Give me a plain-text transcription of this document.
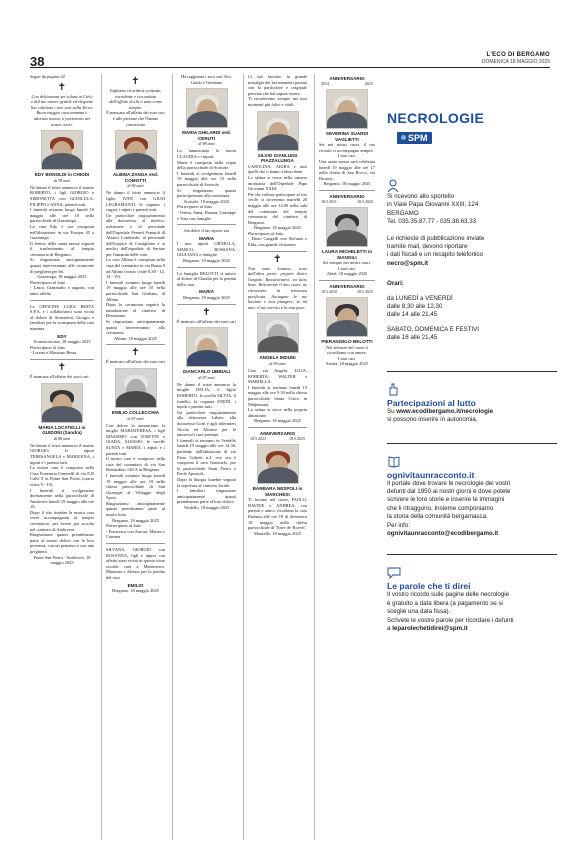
38	L'ECO DI BERGAMO
DOMENICA 18 MAGGIO 2025
Segue da pagina 24
✝
Con delicatezza sei volata in Cielo e dal tuo amore gentile ed elegante hai coltivato i tuoi cari sulla Terra. Buon viaggio cara mamma e adorata nonna, ti porteremo nei nostri cuori.
EDY BONOLDI in CHIODI
di 78 anni
Ne danno il triste annuncio il marito ROBERTO, i figli GIORGIO e SIMONETTA con GIANLUCA, FILIPPO e ANNA, parenti tutti.
I funerali avranno luogo lunedì 19 maggio alle ore 10 nella parrocchiale di Gazzaniga.
La cara Edy è ora composta nell'abitazione in via Europa 45 a Gazzaniga.
Il feretro delle santa messe seguirà il trasferimento al tempio crematorio di Bergamo.
Si ringraziano anticipatamente quanti interverranno alle cerimonie di preghiera per lei.
Gazzaniga, 18 maggio 2025
Partecipano al lutto
- Laura, Gianmario e ragazzi, con tanto affetto
Le OFFICINE LUIGI BESTA S.P.A. e i collaboratori sono vicini al dolore di Simonetta, Giorgio e familiari per la scomparsa della cara mamma
EDY
Scanzorosciate, 18 maggio 2025
Partecipano al lutto
- Lorena e Massimo Besta
✝
È mancata all'affetto dei suoi cari
MARIA LOCATELLI in GUIDONI (Sandra)
di 88 anni
Ne danno il triste annuncio il marito GIORGIO, le nipoti TERESANGELA e MARILENA, i nipoti e i parenti tutti.
La nostra cara è composta nella Casa Funeraria Cenerelli di via E.B Calvi 8 in Ponte San Pietro (orario visite 9 - 19).
I funerali si svolgeranno direttamente nella parrocchiale di Ambivere lunedì 19 maggio alle ore 10.
Dopo il rito funebre la nostra cara verrà accompagnata al tempio crematorio, per essere poi accolta nel cimitero di Ambivere.
Ringraziamo quanti prenderanno parte al nostro dolore con la loro presenza, con un pensiero e con una preghiera.
Ponte San Pietro - Ambivere, 18 maggio 2025
✝
Vogliamo ricordarti contenta, sorridente e circondata dall'affetto di chi ti ama come sempre.
È mancata all'affetto dei suoi cari e alle persone che l'hanno conosciuta
ALBINA ZANGA ved. COMOTTI
di 84 anni
Ne danno il triste annuncio il figlio IVAN con GIUSI LEGRAMANTI, le cognate, i cugini, i nipoti e parenti tutti.
Un particolare ringraziamento alla dottoressa, al medico, infermieri e al personale dell'Ospedale Pesenti Fenaroli di Alzano Lombardo, al personale dell'hospice di Castiglione e ai medici dell'ospedale di Seriate per l'umanità delle cure.
La cara Albina è composta nella casa del commiato in via Roma 9 ad Albino (orario visite 8,30 - 12, 14 - 19).
I funerali avranno luogo lunedì 19 maggio alle ore 10 nella parrocchiale San Giuliano di Albino.
Dopo la cerimonia seguirà la tumulazione al cimitero di Desenzano.
Si ringraziano anticipatamente quanti interverranno alla cerimonia.
Albino, 18 maggio 2025
✝
È mancato all'affetto dei suoi cari
EMILIO COLLECCHIA
di 83 anni
Con dolore lo annunciano la moglie MARIATERESA, i figli MASSIMO con JOSETTE e GIADA, ALESSIO, le sorelle SUNTA e MARIA, i nipoti e i parenti tutti.
Il nostro caro è composto nella casa del commiato di via San Bernardino 130/A in Bergamo.
I funerali avranno luogo lunedì 19 maggio alle ore 10 nella chiesa parrocchiale di San Giuseppe al Villaggio degli Sposi.
Ringraziamo anticipatamente quanti prenderanno parte al nostro lutto.
Bergamo, 18 maggio 2025
Partecipano al lutto
- Francesca con Aurora, Matteo e Carmen
SILVANA, GIORGIO con ROSANNA, figli e nipoti con affetto sono vicini in questo triste ricordo cara a Martinenco, Massimo e Alessio per la perdita del caro
EMILIO
Bergamo, 18 maggio 2025
Ha raggiunto i suoi cari Tito, Guido e Germano
MARIA GHILARDI ved. CERUTI
di 98 anni
Lo annunciano la nuora CLAUDIA e i nipoti.
Maria è composta nella cripta della parrocchiale di Sorisole.
I funerali si svolgeranno lunedì 19 maggio alle ore 15 nella parrocchiale di Sorisole.
Si ringraziano quanti parteciperanno alla cerimonia.
Sorisole, 18 maggio 2025
Partecipano al lutto
- Teresa, Anna, Donata, Giuseppe e Tina con famiglie
Sia dolce il tuo riposo zia
MARIA
I tuoi nipoti ORNELLA, MARCO, ROSSANA, GIULIANA e famiglie.
Bergamo, 18 maggio 2025
La famiglia BELOTTI si unisce al dolore di Claudia per la perdita della cara
MARIA
Bergamo, 18 maggio 2025
✝
È mancato all'affetto dei suoi cari
GIANCARLO UBBIALI
di 87 anni
Ne danno il triste annuncio la moglie DELIA, il figlio ROBERTO, la sorella SILVIA, il fratello, la cognata ENEDI, i nipoti e parenti tutti.
Un particolare ringraziamento alla dottoressa Labate, alla dottoressa Gotti e agli infermieri Nicola ed Alfonso per le amorevoli cure prestate.
I funerali si terranno in Verdello lunedì 19 maggio alle ore 14.30, partendo dall'abitazione di via Piero Gobetti n.2, ove ora è composto il caro Giancarlo, per la parrocchiale Santi Pietro e Paolo Apostoli.
Dopo la liturgia funebre seguirà la sepoltura al cimitero locale.
I familiari ringraziano anticipatamente quanti prenderanno parte al loro dolore.
Verdello, 18 maggio 2025
Ci hai lasciato la grande nostalgia dei bei momenti passati con la particolare e originale persona che hai saputo essere.
Ti ricorderemo sempre nei tuoi momenti più felici e vitali.
SILVIO GIANLUIGI PIAZZALUNGA
CAROLINA, AKIRA e tutti quelli che ti hanno voluto bene.
La salma si trova nella camera mortuaria dell'Ospedale Papa Giovanni XXIII.
Per chi volesse partecipare al rito civile, ci troveremo martedì 20 maggio alle ore 14.00 nella sala del commiato del tempio crematorio del cimitero di Bergamo.
Bergamo, 18 maggio 2025
Partecipano al lutto
- Dario Cangelli con Stefania e Elda, con grande vicinanza
✝
Non sono lontano, sono dall'altra parte, proprio dietro l'angolo. Rassicuratevi, va tutto bene. Ritroverete il mio cuore, ne ritroverete la tenerezza purificata. Asciugate le tue lacrime e non piangere, se mi ami: il tuo sorriso è la mia pace.
ANGELA INDUNI
di 99 anni
Ciao zia Angela. LILIA, ROBERTA, WALTER e MARIELLA.
I funerali si terranno lunedì 19 maggio alle ore 9.30 nella chiesa parrocchiale Santa Croce in Malpensata.
La salma si trova nella propria abitazione.
Bergamo, 18 maggio 2025
ANNIVERSARIO
18.5.2023	18.5.2025
BARBARA NESPOLI in MARCHESI
Ti fortano nel cuore, PAOLO, DAVIDE e ANDREA, con parenti e amici, ricordano la cara Barbara alle ore 18 di domenica 18 maggio nella chiesa parrocchiale di 'Torre de' Roveri'.
Montello, 18 maggio 2025
ANNIVERSARIO
2014	2025
SEVERINA SUARDI VAGLIETTI
Sei nei nostri cuori, il tuo ricordo ci accompagna sempre.
I tuoi cari.
Una santa messa sarà celebrata lunedì 19 maggio alle ore 17 nella chiesa di San Rocco, via Broseta.
Bergamo, 18 maggio 2025
ANNIVERSARIO
18.5.2011	18.5.2025
LAURA MICHELETTI in MANGILI
Sei sempre nei nostri cuori.
I tuoi cari.
Almè, 18 maggio 2025
ANNIVERSARIO
18.5.2010	18.5.2025
PIERANGELO BELOTTI
Nel silenzio del cuore ti ricordiamo con amore.
I tuoi cari.
Serina, 18 maggio 2025
NECROLOGIE
SPM
Si ricevono allo sportello
in Viale Papa Giovanni XXIII, 124
BERGAMO
Tel. 035.35.87.77 - 035.38.63.33
Le richieste di pubblicazione inviate
tramite mail, devono riportare
i dati fiscali e un recapito telefonico
necro@spm.it
Orari:
da LUNEDÌ a VENERDÌ
dalle 8,30 alle 12,30
dalle 14 alle 21,45
SABATO, DOMENICA E FESTIVI
dalle 16 alle 21,45
Partecipazioni al lutto
Su www.ecodibergamo.it/necrologie
si possono inserire in autonomia.
ognivitaunracconto.it
Il portale dove trovare le necrologie dei vostri
defunti dal 1950 ai nostri giorni e dove potete
scrivere le loro storie e inserire le immagini
che li ritraggono. Insieme componiamo
la storia della comunità bergamasca.
Per info:
ognivitaunracconto@ecodibergamo.it
Le parole che ti direi
Il vostro ricordo sulle pagine delle necrologie
è gratuito a data libera (a pagamento se si
sceglie una data fissa).
Scrivete le vostre parole per ricordare i defunti
a leparolechetidirei@spm.it
